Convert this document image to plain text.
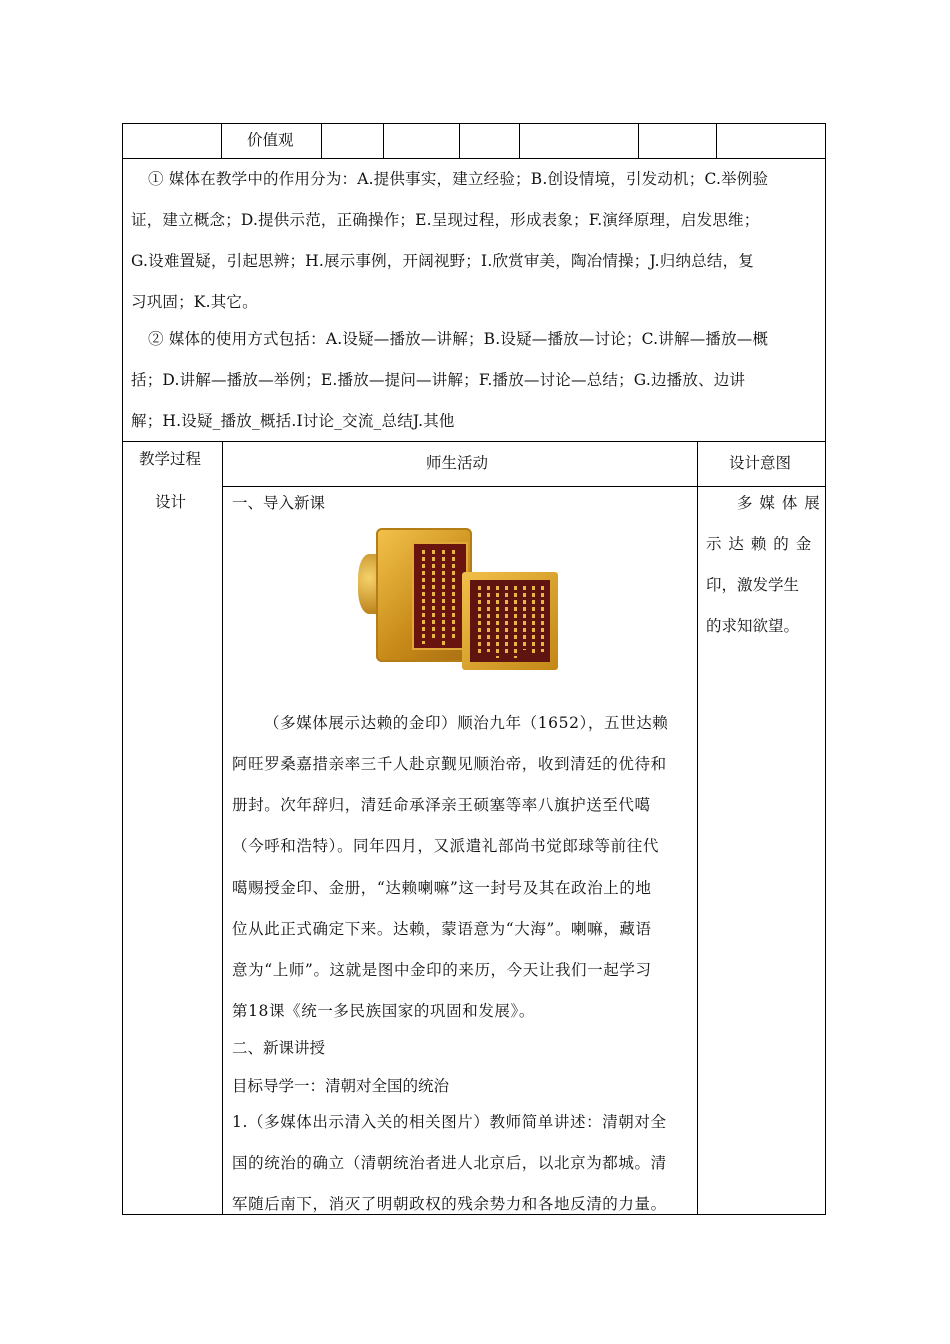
价值观
① 媒体在教学中的作用分为：A.提供事实，建立经验；B.创设情境，引发动机；C.举例验
证，建立概念；D.提供示范，正确操作；E.呈现过程，形成表象；F.演绎原理，启发思维；
G.设难置疑，引起思辨；H.展示事例，开阔视野；I.欣赏审美，陶冶情操；J.归纳总结，复
习巩固；K.其它。
② 媒体的使用方式包括：A.设疑—播放—讲解；B.设疑—播放—讨论；C.讲解—播放—概
括；D.讲解—播放—举例；E.播放—提问—讲解；F.播放—讨论—总结；G.边播放、边讲
解；H.设疑_播放_概括.I讨论_交流_总结J.其他
教学过程
设计
师生活动	设计意图
多 媒 体 展
示 达 赖 的 金
印，激发学生
的求知欲望。
一、导入新课
（多媒体展示达赖的金印）顺治九年（1652），五世达赖
阿旺罗桑嘉措亲率三千人赴京觐见顺治帝，收到清廷的优待和
册封。次年辞归，清廷命承泽亲王硕塞等率八旗护送至代噶
（今呼和浩特）。同年四月，又派遣礼部尚书觉郎球等前往代
噶赐授金印、金册，“达赖喇嘛”这一封号及其在政治上的地
位从此正式确定下来。达赖，蒙语意为“大海”。喇嘛，藏语
意为“上师”。这就是图中金印的来历，今天让我们一起学习
第18课《统一多民族国家的巩固和发展》。
二、新课讲授
目标导学一：清朝对全国的统治
1.（多媒体出示清入关的相关图片）教师简单讲述：清朝对全
国的统治的确立（清朝统治者进人北京后，以北京为都城。清
军随后南下，消灭了明朝政权的残余势力和各地反清的力量。
